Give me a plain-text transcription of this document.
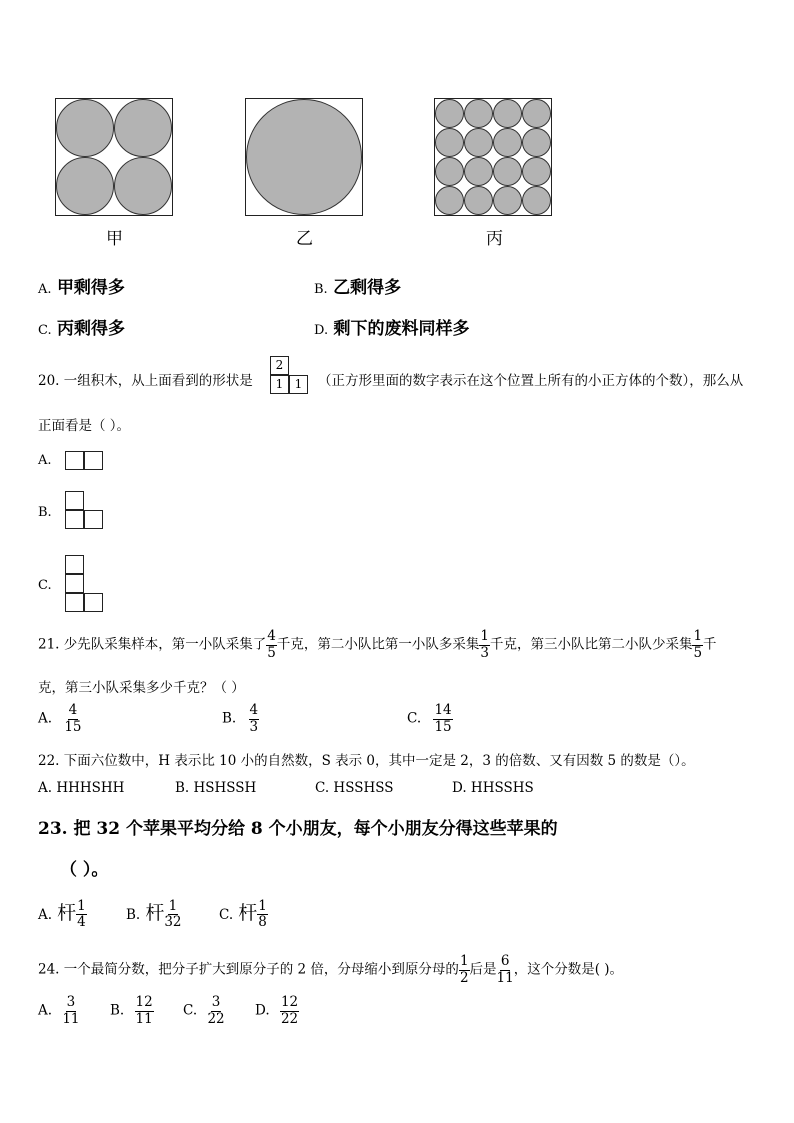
甲	乙	丙
A. 甲剩得多	B. 乙剩得多
C. 丙剩得多	D. 剩下的废料同样多
20. 一组积木，从上面看到的形状是
2
1 1	（正方形里面的数字表示在这个位置上所有的小正方体的个数），那么从
正面看是（ ）。
A.
B.
C.
21. 少先队采集样本，第一小队采集了 $\frac{4}{5}$ 千克，第二小队比第一小队多采集 $\frac{1}{3}$ 千克，第三小队比第二小队少采集 $\frac{1}{5}$ 千
克，第三小队采集多少千克？（ ）
A. $\frac{4}{15}$	B. $\frac{4}{3}$	C. $\frac{14}{15}$
22. 下面六位数中，H 表示比 10 小的自然数，S 表示 0，其中一定是 2，3 的倍数、又有因数 5 的数是（）。
A. HHHSHH	B. HSHSSH	C. HSSHSS	D. HHSSHS
23. 把 32 个苹果平均分给 8 个小朋友，每个小朋友分得这些苹果的
（ ）。
A. 杆 $\frac{1}{4}$	B. 杆 $\frac{1}{32}$	C. 杆 $\frac{1}{8}$
24. 一个最简分数，把分子扩大到原分子的 2 倍，分母缩小到原分母的 $\frac{1}{2}$ 后是 $\frac{6}{11}$ ，这个分数是( )。
A. $\frac{3}{11} B$. $\frac{12}{11} C$. $\frac{3}{22} D$. $\frac{12}{22}$
